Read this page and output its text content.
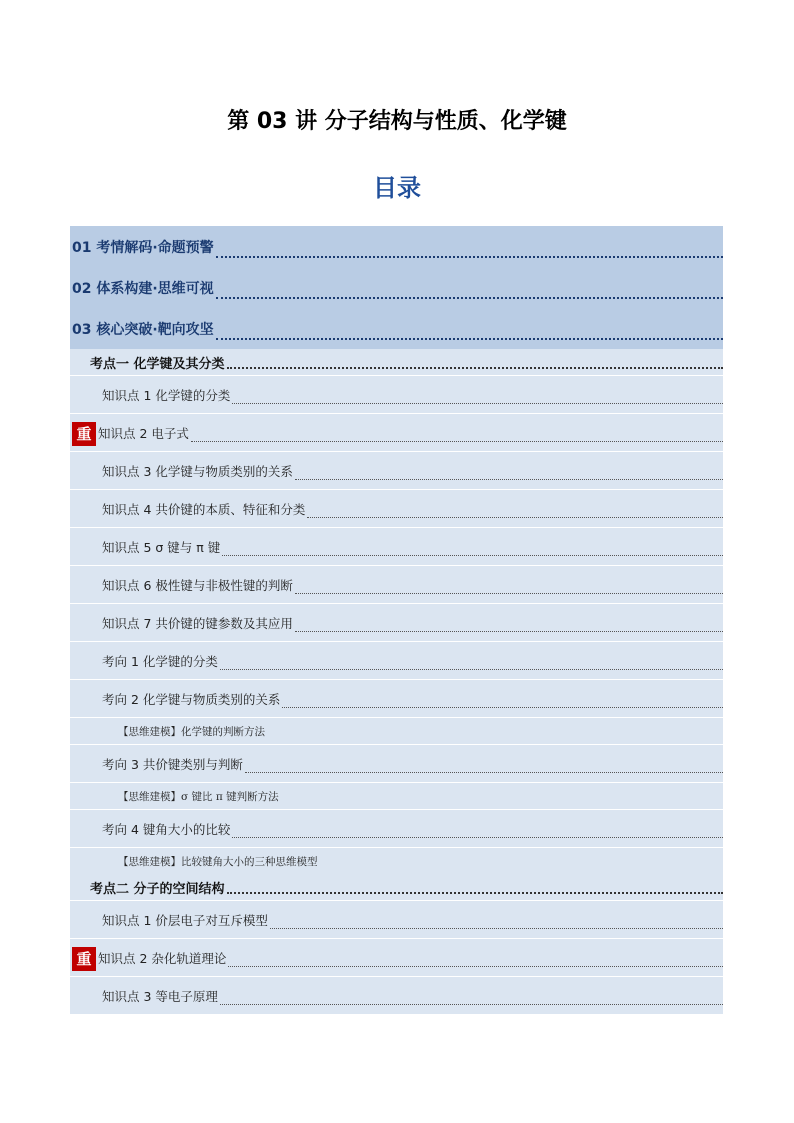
第 03 讲 分子结构与性质、化学键
目录
01 考情解码·命题预警
02 体系构建·思维可视
03 核心突破·靶向攻坚
考点一 化学键及其分类
知识点 1 化学键的分类
重 知识点 2 电子式
知识点 3 化学键与物质类别的关系
知识点 4 共价键的本质、特征和分类
知识点 5 σ 键与 π 键
知识点 6 极性键与非极性键的判断
知识点 7 共价键的键参数及其应用
考向 1 化学键的分类
考向 2 化学键与物质类别的关系
【思维建模】化学键的判断方法
考向 3 共价键类别与判断
【思维建模】σ 键比 π 键判断方法
考向 4 键角大小的比较
【思维建模】比较键角大小的三种思维模型
考点二 分子的空间结构
知识点 1 价层电子对互斥模型
重 知识点 2 杂化轨道理论
知识点 3 等电子原理
